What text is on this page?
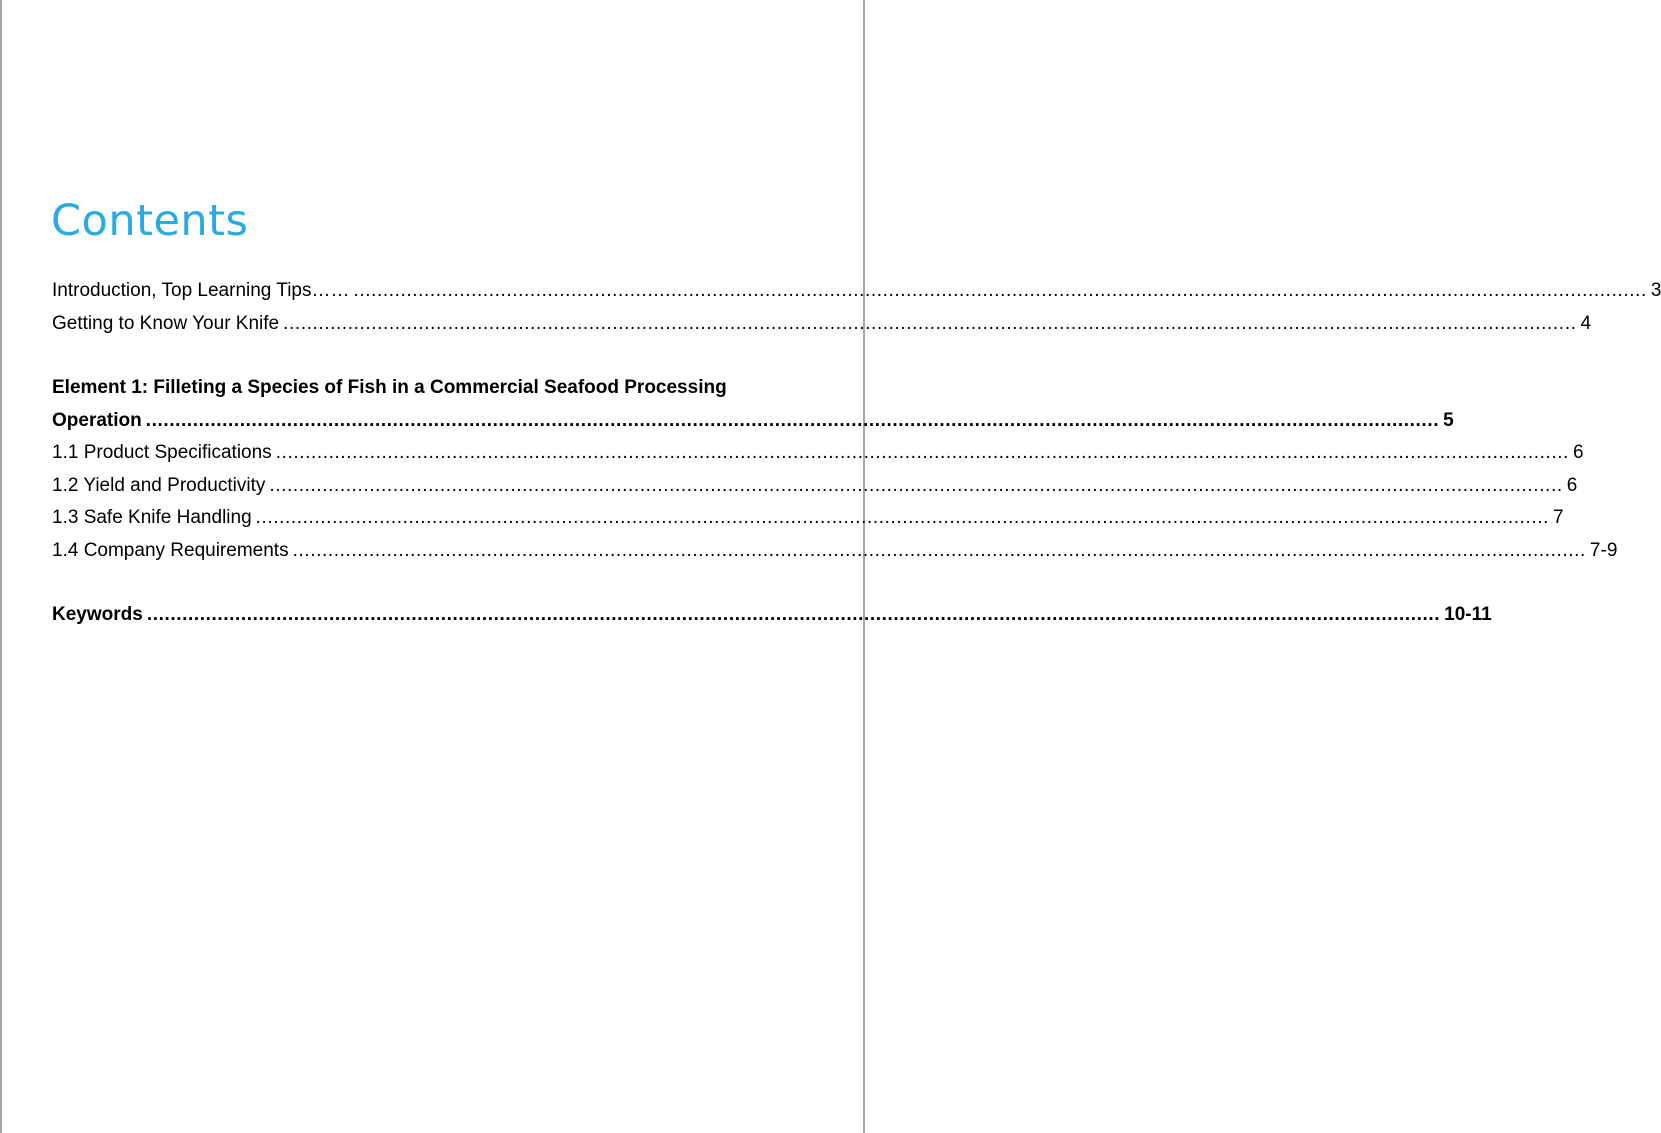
Contents
Introduction, Top Learning Tips…… ............................................................................................................................................................................................................................ 3
Getting to Know Your Knife ............................................................................................................................................................................................................................ 4
Element 1: Filleting a Species of Fish in a Commercial Seafood Processing
Operation ............................................................................................................................................................................................................................ 5
1.1 Product Specifications ............................................................................................................................................................................................................................ 6
1.2 Yield and Productivity ............................................................................................................................................................................................................................ 6
1.3 Safe Knife Handling ............................................................................................................................................................................................................................ 7
1.4 Company Requirements ............................................................................................................................................................................................................................ 7-9
Keywords ............................................................................................................................................................................................................................ 10-11
